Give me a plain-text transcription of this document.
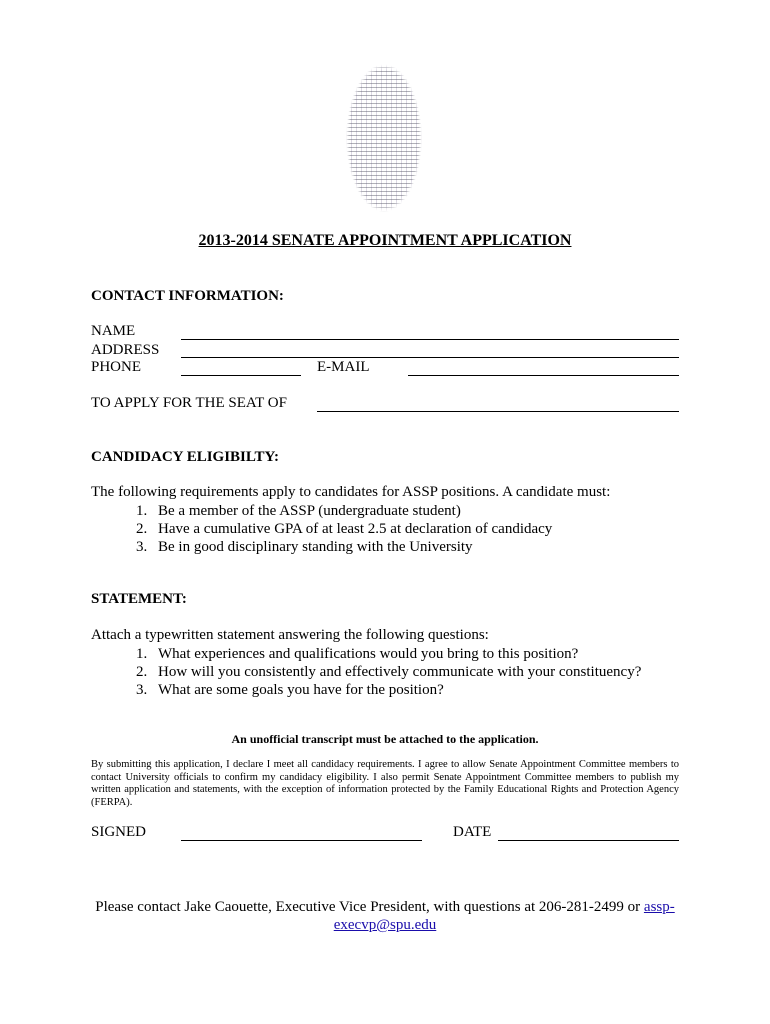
2013-2014 SENATE APPOINTMENT APPLICATION
CONTACT INFORMATION:
NAME
ADDRESS
PHONE	E-MAIL
TO APPLY FOR THE SEAT OF
CANDIDACY ELIGIBILTY:
The following requirements apply to candidates for ASSP positions. A candidate must:
1. Be a member of the ASSP (undergraduate student)
2. Have a cumulative GPA of at least 2.5 at declaration of candidacy
3. Be in good disciplinary standing with the University
STATEMENT:
Attach a typewritten statement answering the following questions:
1. What experiences and qualifications would you bring to this position?
2. How will you consistently and effectively communicate with your constituency?
3. What are some goals you have for the position?
An unofficial transcript must be attached to the application.
By submitting this application, I declare I meet all candidacy requirements. I agree to allow Senate Appointment Committee members to contact University officials to confirm my candidacy eligibility. I also permit Senate Appointment Committee members to publish my written application and statements, with the exception of information protected by the Family Educational Rights and Protection Agency (FERPA).
SIGNED	DATE
Please contact Jake Caouette, Executive Vice President, with questions at 206-281-2499 or assp-execvp@spu.edu
